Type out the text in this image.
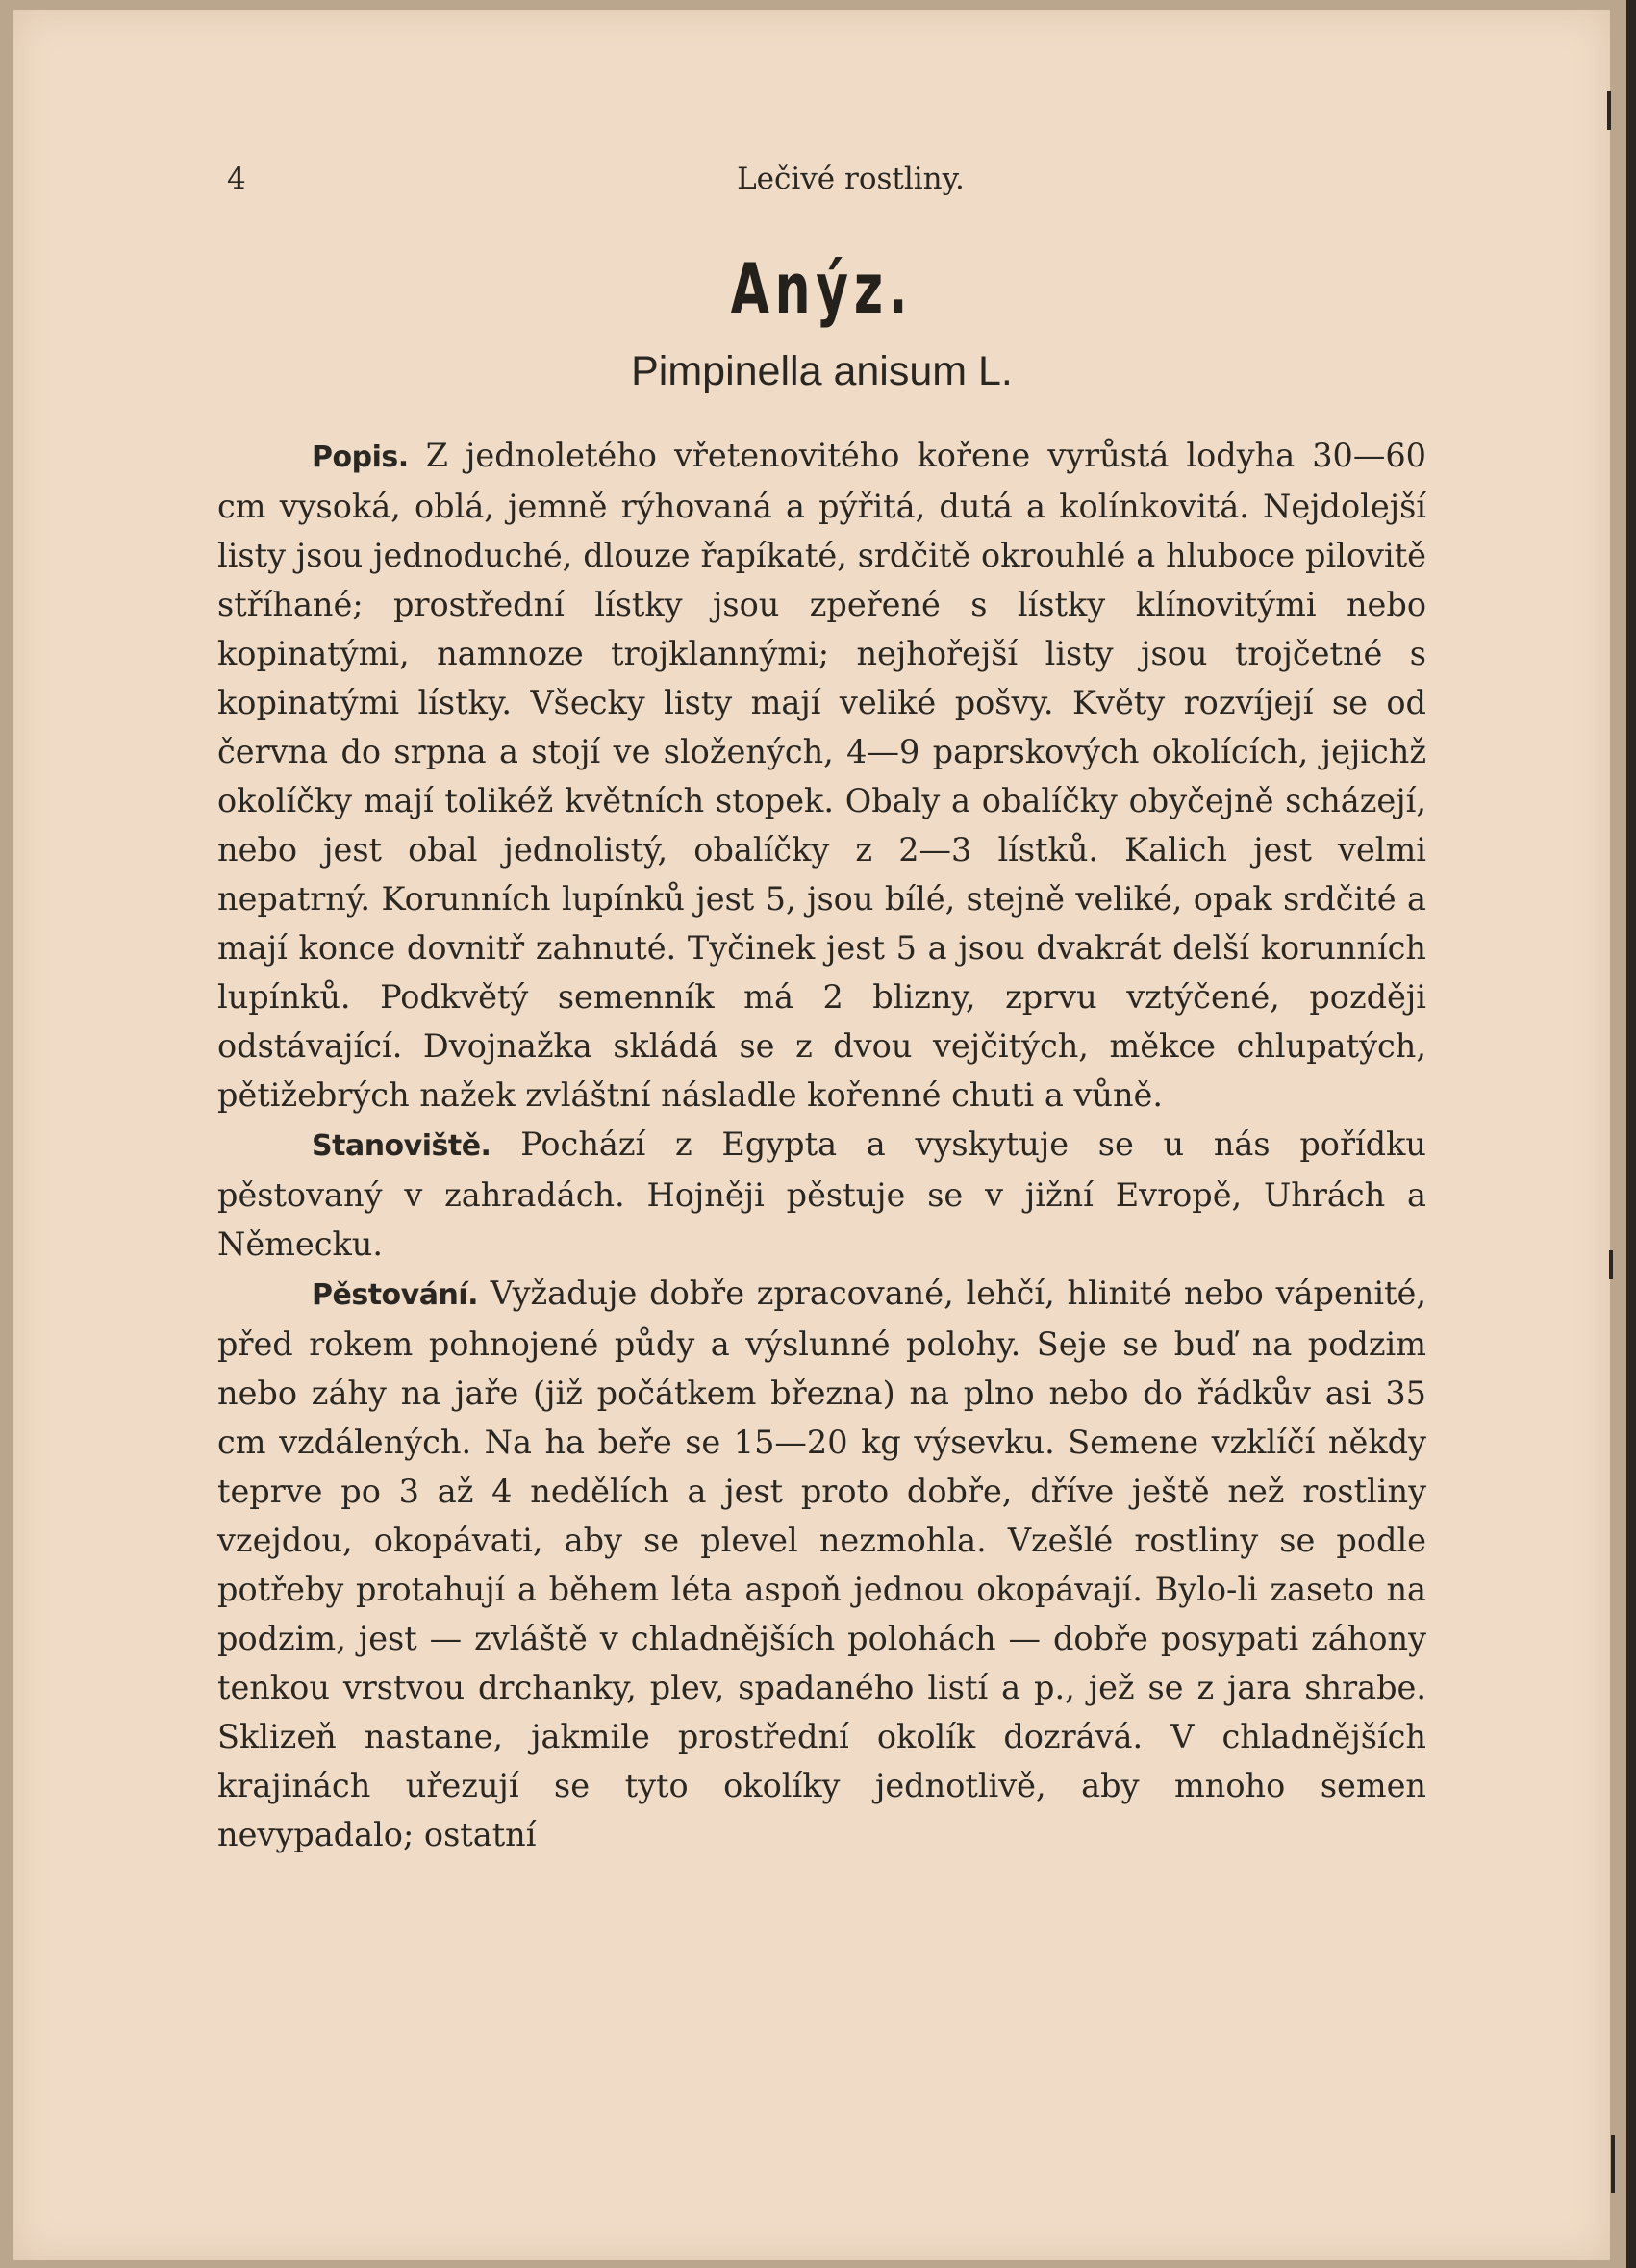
4	Lečivé rostliny.
Anýz.
Pimpinella anisum L.

Popis. Z jednoletého vřetenovitého kořene vyrůstá lodyha 30—60 cm vysoká, oblá, jemně rýhovaná a pýřitá, dutá a kolínkovitá. Nejdolejší listy jsou jednoduché, dlouze řapíkaté, srdčitě okrouhlé a hluboce pilovitě stříhané; prostřední lístky jsou zpeřené s lístky klínovitými nebo kopinatými, namnoze trojklannými; nejhořejší listy jsou trojčetné s kopinatými lístky. Všecky listy mají veliké pošvy. Květy rozvíjejí se od června do srpna a stojí ve složených, 4—9 paprskových okolících, jejichž okolíčky mají tolikéž květních stopek. Obaly a obalíčky obyčejně scházejí, nebo jest obal jednolistý, obalíčky z 2—3 lístků. Kalich jest velmi nepatrný. Korunních lupínků jest 5, jsou bílé, stejně veliké, opak srdčité a mají konce dovnitř zahnuté. Tyčinek jest 5 a jsou dvakrát delší korunních lupínků. Podkvětý semenník má 2 blizny, zprvu vztýčené, později odstávající. Dvojnažka skládá se z dvou vejčitých, měkce chlupatých, pětižebrých nažek zvláštní násladle kořenné chuti a vůně.

Stanoviště. Pochází z Egypta a vyskytuje se u nás pořídku pěstovaný v zahradách. Hojněji pěstuje se v jižní Evropě, Uhrách a Německu.

Pěstování. Vyžaduje dobře zpracované, lehčí, hlinité nebo vápenité, před rokem pohnojené půdy a výslunné polohy. Seje se buď na podzim nebo záhy na jaře (již počátkem března) na plno nebo do řádkův asi 35 cm vzdálených. Na ha beře se 15—20 kg výsevku. Semene vzklíčí někdy teprve po 3 až 4 nedělích a jest proto dobře, dříve ještě než rostliny vzejdou, okopávati, aby se plevel nezmohla. Vzešlé rostliny se podle potřeby protahují a během léta aspoň jednou okopávají. Bylo-li zaseto na podzim, jest — zvláště v chladnějších polohách — dobře posypati záhony tenkou vrstvou drchanky, plev, spadaného listí a p., jež se z jara shrabe. Sklizeň nastane, jakmile prostřední okolík dozrává. V chladnějších krajinách uřezují se tyto okolíky jednotlivě, aby mnoho semen nevypadalo; ostatní
